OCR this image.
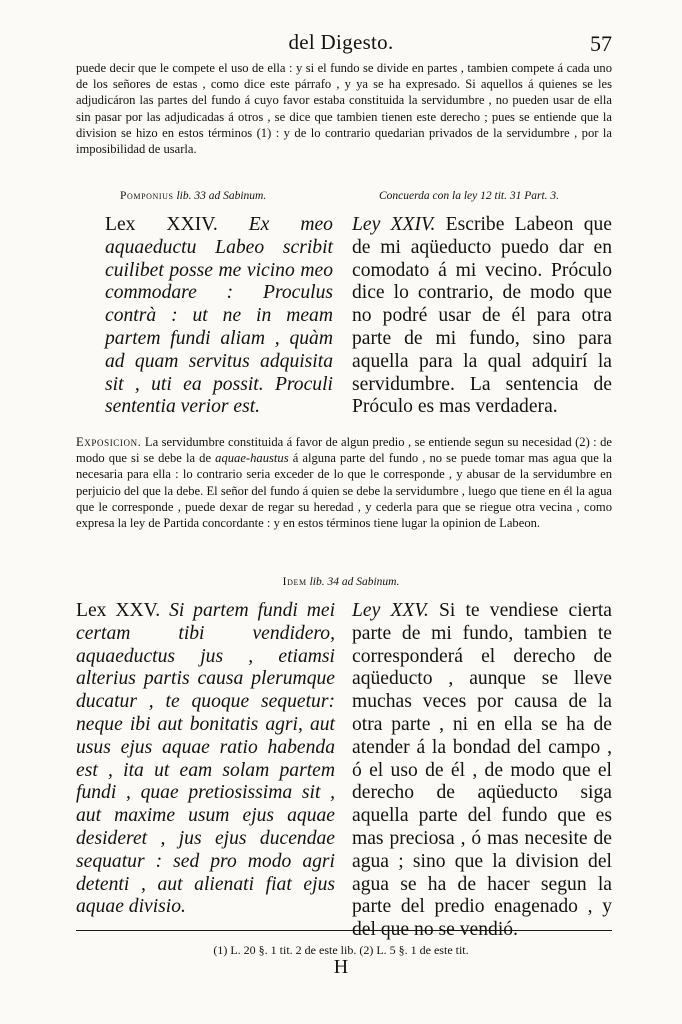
del Digesto.	57
puede decir que le compete el uso de ella : y si el fundo se divide en partes , tambien compete á cada uno de los señores de estas , como dice este párrafo , y ya se ha expresado. Si aquellos á quienes se les adjudicáron las partes del fundo á cuyo favor estaba constituida la servidumbre , no pueden usar de ella sin pasar por las adjudicadas á otros , se dice que tambien tienen este derecho ; pues se entiende que la division se hizo en estos términos (1) : y de lo contrario quedarian privados de la servidumbre , por la imposibilidad de usarla.
Pomponius lib. 33 ad Sabinum.	Concuerda con la ley 12 tit. 31 Part. 3.
Lex XXIV. Ex meo aquaeductu Labeo scribit cuilibet posse me vicino meo commodare : Proculus contrà : ut ne in meam partem fundi aliam , quàm ad quam servitus adquisita sit , uti ea possit. Proculi sententia verior est.
Ley XXIV. Escribe Labeon que de mi aqüeducto puedo dar en comodato á mi vecino. Próculo dice lo contrario, de modo que no podré usar de él para otra parte de mi fundo, sino para aquella para la qual adquirí la servidumbre. La sentencia de Próculo es mas verdadera.
Exposicion. La servidumbre constituida á favor de algun predio , se entiende segun su necesidad (2) : de modo que si se debe la de aquae-haustus á alguna parte del fundo , no se puede tomar mas agua que la necesaria para ella : lo contrario seria exceder de lo que le corresponde , y abusar de la servidumbre en perjuicio del que la debe. El señor del fundo á quien se debe la servidumbre , luego que tiene en él la agua que le corresponde , puede dexar de regar su heredad , y cederla para que se riegue otra vecina , como expresa la ley de Partida concordante : y en estos términos tiene lugar la opinion de Labeon.
Idem lib. 34 ad Sabinum.
Lex XXV. Si partem fundi mei certam tibi vendidero, aquaeductus jus , etiamsi alterius partis causa plerumque ducatur , te quoque sequetur: neque ibi aut bonitatis agri, aut usus ejus aquae ratio habenda est , ita ut eam solam partem fundi , quae pretiosissima sit , aut maxime usum ejus aquae desideret , jus ejus ducendae sequatur : sed pro modo agri detenti , aut alienati fiat ejus aquae divisio.
Ley XXV. Si te vendiese cierta parte de mi fundo, tambien te corresponderá el derecho de aqüeducto , aunque se lleve muchas veces por causa de la otra parte , ni en ella se ha de atender á la bondad del campo , ó el uso de él , de modo que el derecho de aqüeducto siga aquella parte del fundo que es mas preciosa , ó mas necesite de agua ; sino que la division del agua se ha de hacer segun la parte del predio enagenado , y del que no se vendió.
(1) L. 20 §. 1 tit. 2 de este lib. (2) L. 5 §. 1 de este tit.
H
